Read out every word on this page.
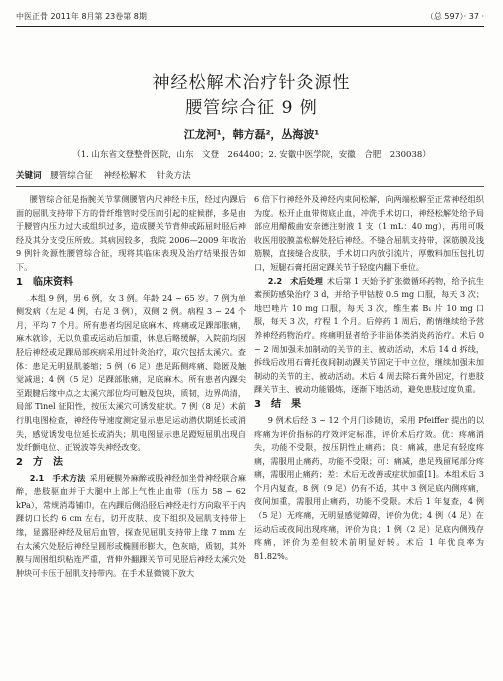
中医正骨 2011年 8月第 23卷第 8期	（总 597）· 37 ·
神经松解术治疗针灸源性
腰管综合征 9 例
江龙河¹，韩方磊²，丛海波¹
（1. 山东省文登整骨医院，山东　文登　264400；2. 安徽中医学院，安徽　合肥　230038）
关键词 腰管综合征 神经松解术 针灸方法

腰管综合征是指腕关节掌侧腰管内尺神经卡压，经过内踝后面的屈肌支持带下方的骨纤维管时受压而引起的症候群，多是由于腰管内压力过大或组织过多，造成腰关节背伸或跖屈时胫后神经及其分支受压所致。其病因较多，我院 2006—2009 年收治 9 例针灸源性腰管综合征，现将其临床表现及治疗结果报告如下。

1　临床资料

本组 9 例，男 6 例，女 3 例。年龄 24 ~ 65 岁。7 例为单侧发病（左足 4 例，右足 3 例），双侧 2 例。病程 3 ~ 24 个月，平均 7 个月。所有患者均因足底麻木、疼痛或足踝部胀痛，麻木就诊，无以负重或运动后加重，休息后略缓解，入院前均因胫后神经或足踝局部疾病采用过针灸治疗，取穴包括太溪穴。查体：患足无明显肌萎缩；5 例（6 足）患足跖侧疼痛、隐匿及触觉减退；4 例（5 足）足踝部胀痛，足底麻木。所有患者内踝尖至跟腱后缘中点之太溪穴部位均可触及包块，质韧，边界尚清，局部 Tinel 征阳性，按压太溪穴可诱发症状。7 例（8 足）术前行肌电图检查，神经传导速度测定显示患足运动潜伏期延长或消失，感觉诱发电位延长或消失；肌电图显示患足蹬短屈肌出现自发纤颤电位、正锐波等失神经改变。

2　方　法

2.1　手术方法 采用硬膜外麻醉或股神经加坐骨神经联合麻醉，患肢驱血并于大腿中上部上气性止血带（压力 58 ~ 62 kPa），常规消毒铺巾，在内踝后侧沿胫后神经走行方向取平于内踝切口长约 6 cm 左右，切开皮肤、皮下组织及屈肌支持带上缘，显露胫神经及屈后血管，探查见屈肌支持带上缘 7 mm 左右太溪穴处胫后神经呈圆形或椭圆形膨大，色灰暗，质韧，其外膜与周围组织粘连严重，背伸外翻踝关节可见胫后神经太溪穴处肿块可卡压于屈肌支持带内。在手术显微镜下放大

6 倍下行神经外及神经内束间松解，向两端松解至正常神经组织为度。松开止血带彻底止血，冲洗手术切口，神经松解处给予局部应用醋酸曲安奈德注射液 1 支（1 mL：40 mg），再用可吸收医用胶膜盖松解处胫后神经。不缝合屈肌支持带，深筋膜及浅筋膜，直接缝合皮肤，手术切口内放引流片，厚敷料加压包扎切口，短腿石膏托固定踝关节于轻度内翻下垂位。

2.2　术后处理 术后第 1 天始予扩张微循环药物，给予抗生素预防感染治疗 3 d，并给予甲钴胺 0.5 mg 口服，每天 3 次；地巴唑片 10 mg 口服，每天 3 次，维生素 B₁ 片 10 mg 口服，每天 3 次，疗程 1 个月。后停药 1 周后，酌情继续给予营养神经药物治疗。疼痛明显者给予非甾体类消炎药治疗。术后 0 ~ 2 周加强未加制动的关节的主、被动活动，术后 14 d 拆线，拆线后改用石膏托夜间制动踝关节固定于中立位，继续加强未加制动的关节的主、被动活动。术后 4 周去除石膏外固定，行患肢踝关节主、被动功能锻炼，逐渐下地活动，避免患肢过度负重。

3　结　果

9 例术后经 3 ~ 12 个月门诊随访，采用 Pfeiffer 提出的以疼痛为评价指标的疗效评定标准，评价术后疗效。优：疼痛消失，功能不受限，按压阴性止痛药；良：痛减，患足有轻度疼痛，需服用止痛药，功能不受限；可：痛减，患足残留尾部分疼痛，需服用止痛药；差：术后无改善或症状加重[1]。本组术后 3 个月内复查，8 例（9 足）仍有不适，其中 3 例足底内侧疼痛，夜间加重，需服用止痛药，功能不受限。术后 1 年复查，4 例（5 足）无疼痛，无明显感觉障碍，评价为优；4 例（4 足）在运动后或夜间出现疼痛，评价为良；1 例（2 足）足底内侧残存疼痛，评价为差但较术前明显好转。术后 1 年优良率为 81.82%。
